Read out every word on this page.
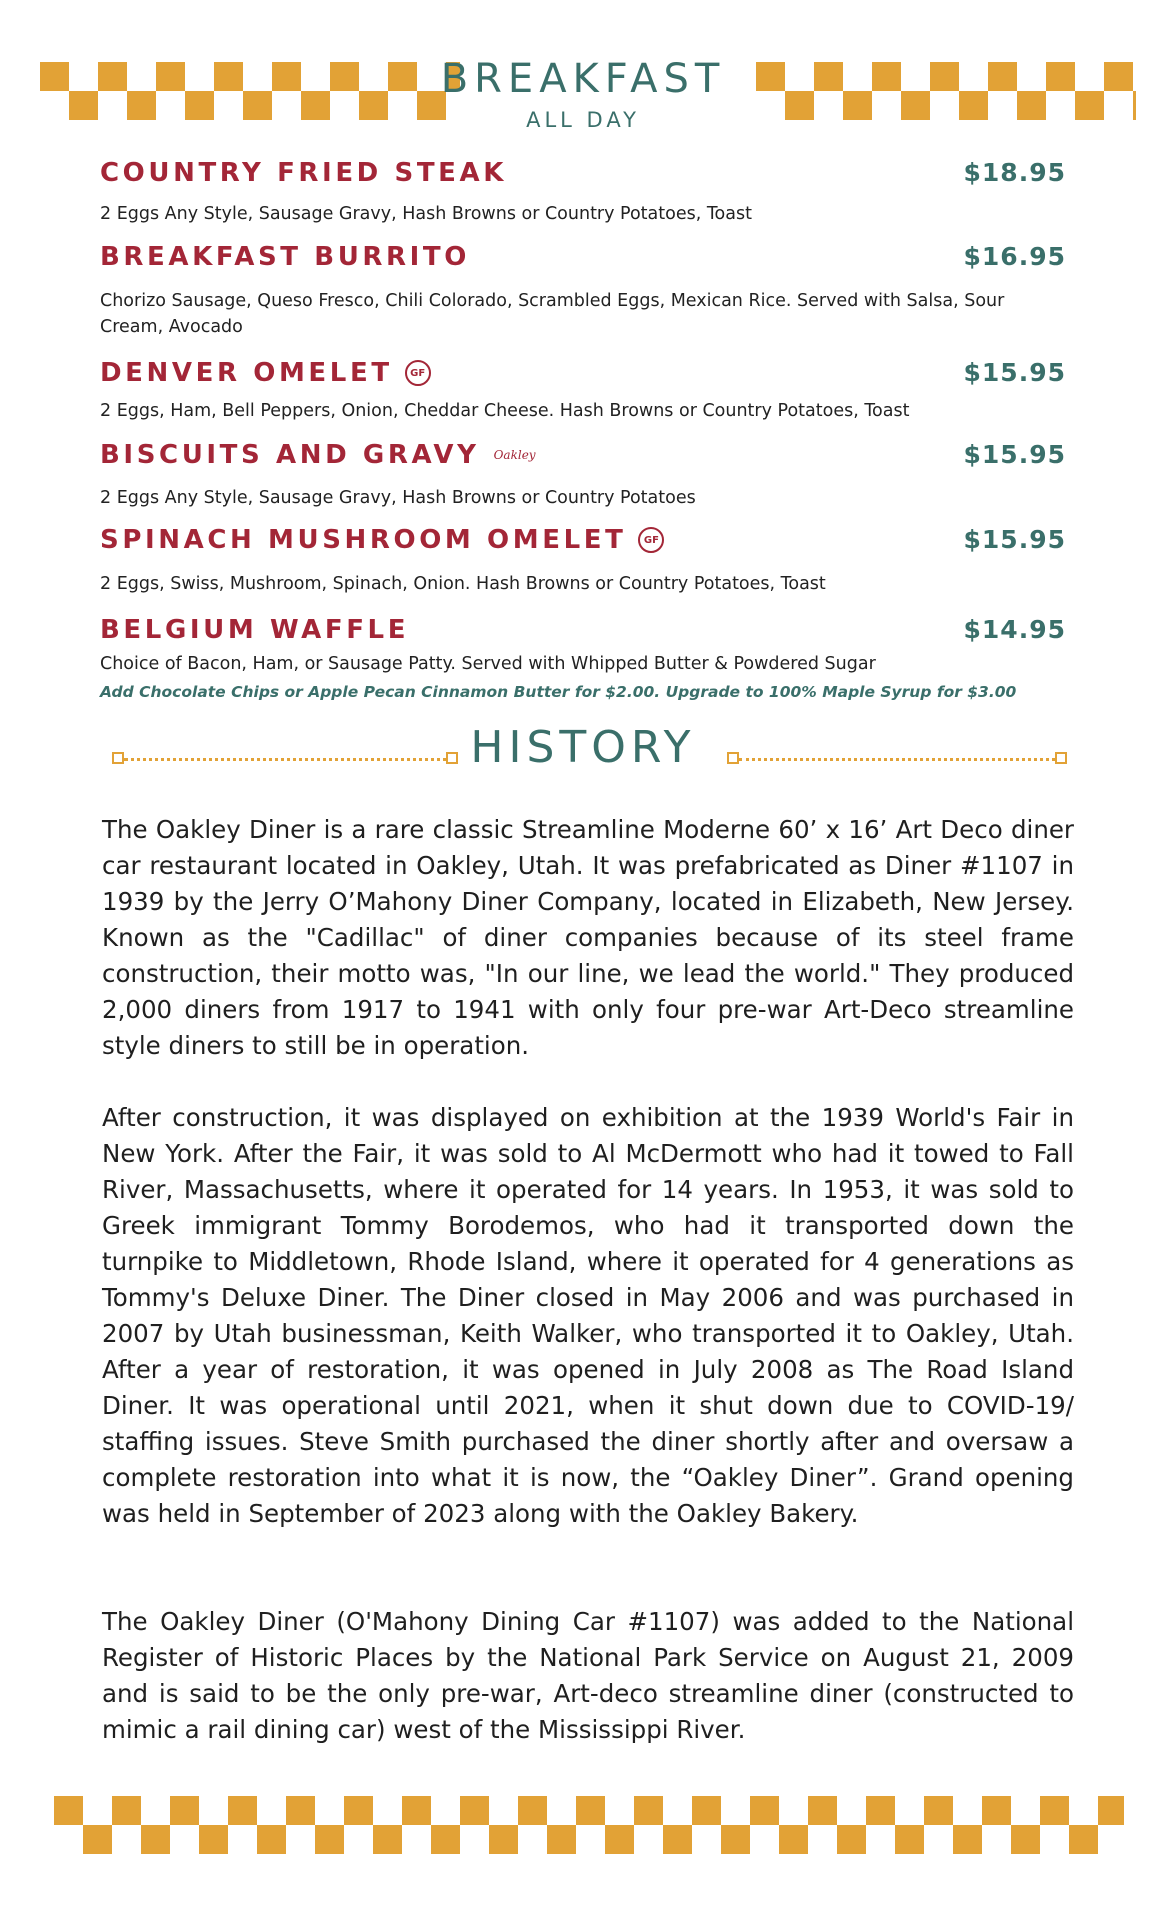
BREAKFAST
ALL DAY
COUNTRY FRIED STEAK	$18.95

2 Eggs Any Style, Sausage Gravy, Hash Browns or Country Potatoes, Toast

BREAKFAST BURRITO	$16.95

Chorizo Sausage, Queso Fresco, Chili Colorado, Scrambled Eggs, Mexican Rice. Served with Salsa, Sour Cream, Avocado

DENVER OMELET	GF	$15.95

2 Eggs, Ham, Bell Peppers, Onion, Cheddar Cheese. Hash Browns or Country Potatoes, Toast

BISCUITS AND GRAVY Oakley	$15.95

2 Eggs Any Style, Sausage Gravy, Hash Browns or Country Potatoes

SPINACH MUSHROOM OMELET	GF	$15.95

2 Eggs, Swiss, Mushroom, Spinach, Onion. Hash Browns or Country Potatoes, Toast

BELGIUM WAFFLE	$14.95

Choice of Bacon, Ham, or Sausage Patty. Served with Whipped Butter & Powdered Sugar

Add Chocolate Chips or Apple Pecan Cinnamon Butter for $2.00. Upgrade to 100% Maple Syrup for $3.00
HISTORY

The Oakley Diner is a rare classic Streamline Moderne 60’ x 16’ Art Deco diner car restaurant located in Oakley, Utah. It was prefabricated as Diner #1107 in 1939 by the Jerry O’Mahony Diner Company, located in Elizabeth, New Jersey. Known as the "Cadillac" of diner companies because of its steel frame construction, their motto was, "In our line, we lead the world." They produced 2,000 diners from 1917 to 1941 with only four pre-war Art-Deco streamline style diners to still be in operation.

After construction, it was displayed on exhibition at the 1939 World's Fair in New York. After the Fair, it was sold to Al McDermott who had it towed to Fall River, Massachusetts, where it operated for 14 years. In 1953, it was sold to Greek immigrant Tommy Borodemos, who had it transported down the turnpike to Middletown, Rhode Island, where it operated for 4 generations as Tommy's Deluxe Diner. The Diner closed in May 2006 and was purchased in 2007 by Utah businessman, Keith Walker, who transported it to Oakley, Utah. After a year of restoration, it was opened in July 2008 as The Road Island Diner. It was operational until 2021, when it shut down due to COVID-19/ staffing issues. Steve Smith purchased the diner shortly after and oversaw a complete restoration into what it is now, the “Oakley Diner”. Grand opening was held in September of 2023 along with the Oakley Bakery.

The Oakley Diner (O'Mahony Dining Car #1107) was added to the National Register of Historic Places by the National Park Service on August 21, 2009 and is said to be the only pre-war, Art-deco streamline diner (constructed to mimic a rail dining car) west of the Mississippi River.
